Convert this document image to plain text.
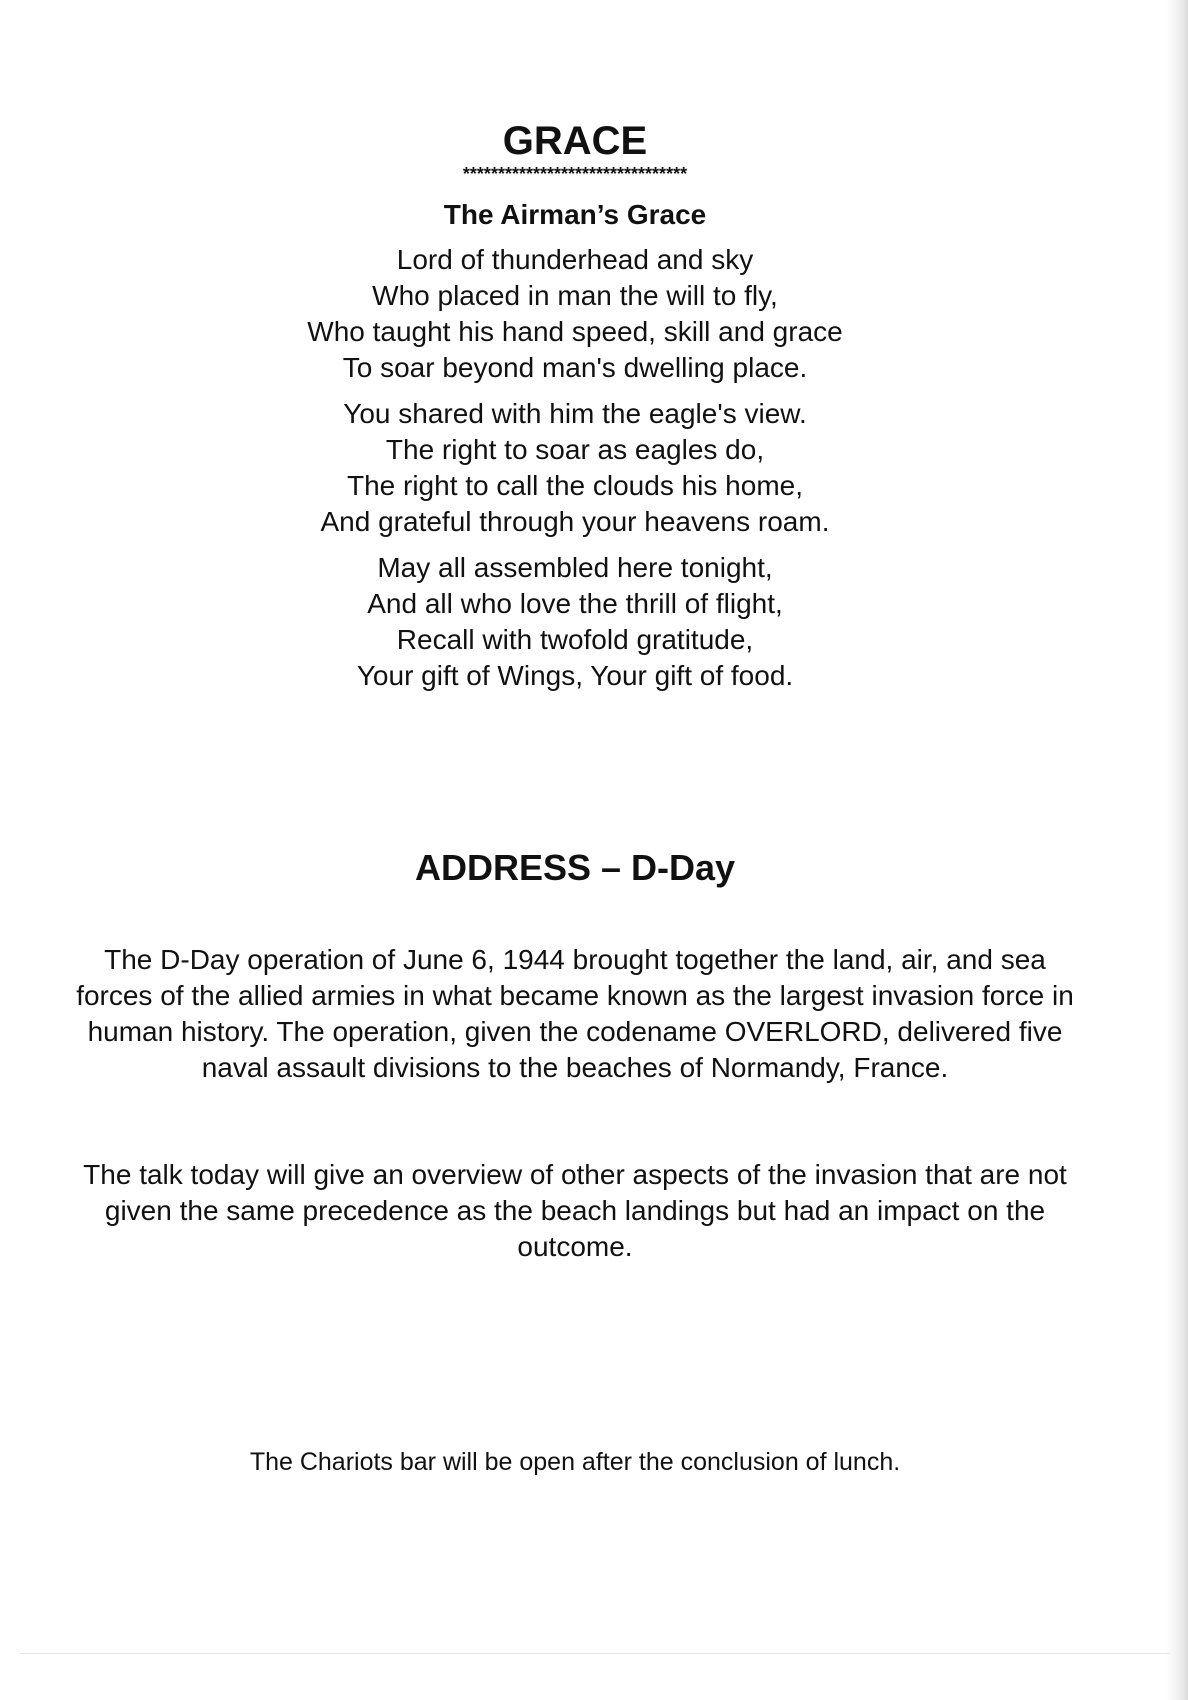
GRACE
********************************
The Airman’s Grace
Lord of thunderhead and sky
Who placed in man the will to fly,
Who taught his hand speed, skill and grace
To soar beyond man's dwelling place.
You shared with him the eagle's view.
The right to soar as eagles do,
The right to call the clouds his home,
And grateful through your heavens roam.
May all assembled here tonight,
And all who love the thrill of flight,
Recall with twofold gratitude,
Your gift of Wings, Your gift of food.
ADDRESS – D-Day

The D-Day operation of June 6, 1944 brought together the land, air, and sea forces of the allied armies in what became known as the largest invasion force in human history. The operation, given the codename OVERLORD, delivered five naval assault divisions to the beaches of Normandy, France.

The talk today will give an overview of other aspects of the invasion that are not given the same precedence as the beach landings but had an impact on the outcome.

The Chariots bar will be open after the conclusion of lunch.
